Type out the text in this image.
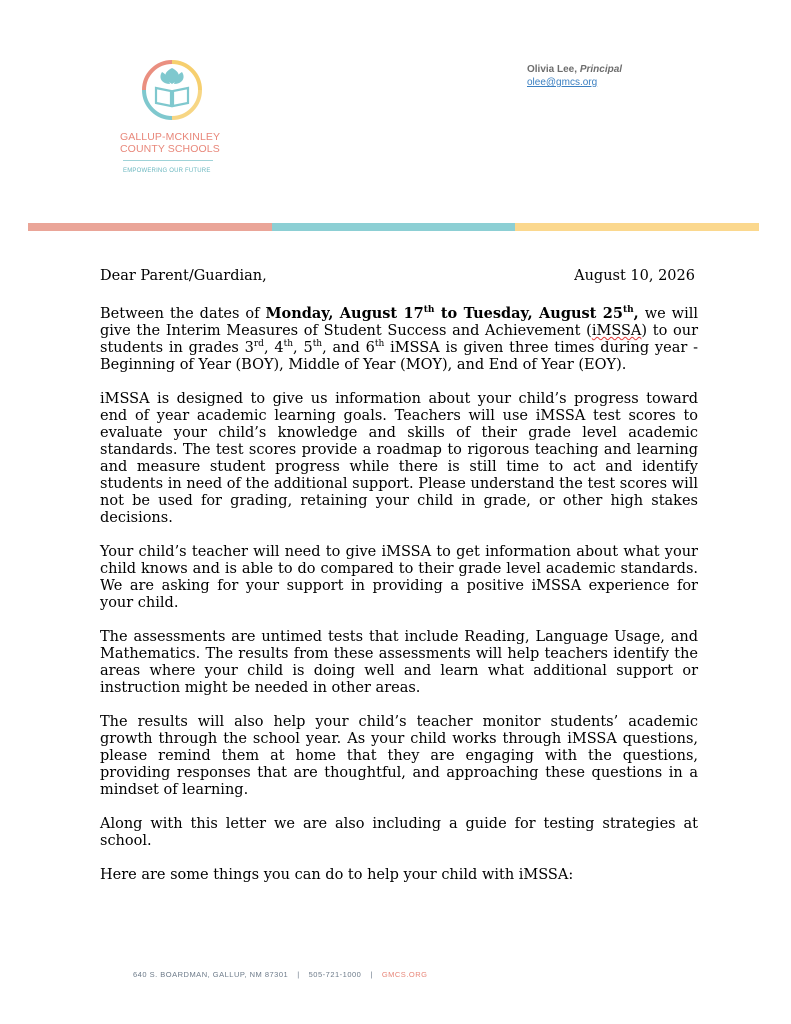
GALLUP-MCKINLEY
COUNTY SCHOOLS
EMPOWERING OUR FUTURE
Olivia Lee, Principal
olee@gmcs.org
Dear Parent/Guardian,	August 10, 2026

Between the dates of Monday, August 17th to Tuesday, August 25th, we will give the Interim Measures of Student Success and Achievement (iMSSA) to our students in grades 3rd, 4th, 5th, and 6th iMSSA is given three times during year - Beginning of Year (BOY), Middle of Year (MOY), and End of Year (EOY).

iMSSA is designed to give us information about your child’s progress toward end of year academic learning goals. Teachers will use iMSSA test scores to evaluate your child’s knowledge and skills of their grade level academic standards. The test scores provide a roadmap to rigorous teaching and learning and measure student progress while there is still time to act and identify students in need of the additional support. Please understand the test scores will not be used for grading, retaining your child in grade, or other high stakes decisions.

Your child’s teacher will need to give iMSSA to get information about what your child knows and is able to do compared to their grade level academic standards. We are asking for your support in providing a positive iMSSA experience for your child.

The assessments are untimed tests that include Reading, Language Usage, and Mathematics. The results from these assessments will help teachers identify the areas where your child is doing well and learn what additional support or instruction might be needed in other areas.

The results will also help your child’s teacher monitor students’ academic growth through the school year. As your child works through iMSSA questions, please remind them at home that they are engaging with the questions, providing responses that are thoughtful, and approaching these questions in a mindset of learning.

Along with this letter we are also including a guide for testing strategies at school.

Here are some things you can do to help your child with iMSSA:

640 S. BOARDMAN, GALLUP, NM 87301 | 505-721-1000 | GMCS.ORG
